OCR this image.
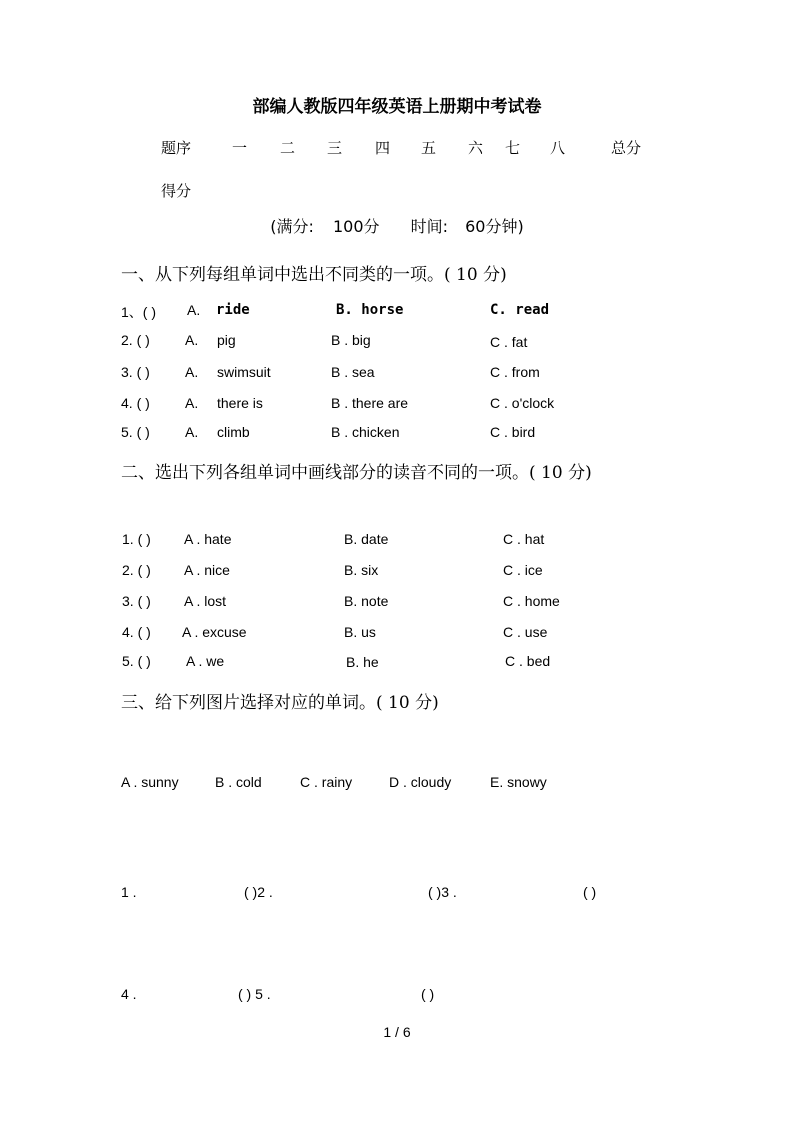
部编人教版四年级英语上册期中考试卷
题序	一 二 三 四 五 六 七 八	总分
得分
(满分: 100分 时间: 60分钟)
一、从下列每组单词中选出不同类的一项。( 10 分)
1、( ) A. ride	B. horse	C. read
2. ( )	A. pig	B . big	C . fat
3. ( )	A. swimsuit	B . sea	C . from
4. ( )	A. there is	B . there are	C . o'clock
5. ( )	A. climb	B . chicken	C . bird
二、选出下列各组单词中画线部分的读音不同的一项。( 10 分)
1. ( ) A . hate	B. date	C . hat
2. ( ) A . nice	B. six	C . ice
3. ( ) A . lost	B. note	C . home
4. ( ) A . excuse	B. us	C . use
5. ( )	A . we	B. he	C . bed
三、给下列图片选择对应的单词。( 10 分)
A . sunny	B . cold	C . rainy	D . cloudy	E. snowy
1 .	( )2 .	( )3 .	( )
4 .	( ) 5 .	( )
1 / 6
